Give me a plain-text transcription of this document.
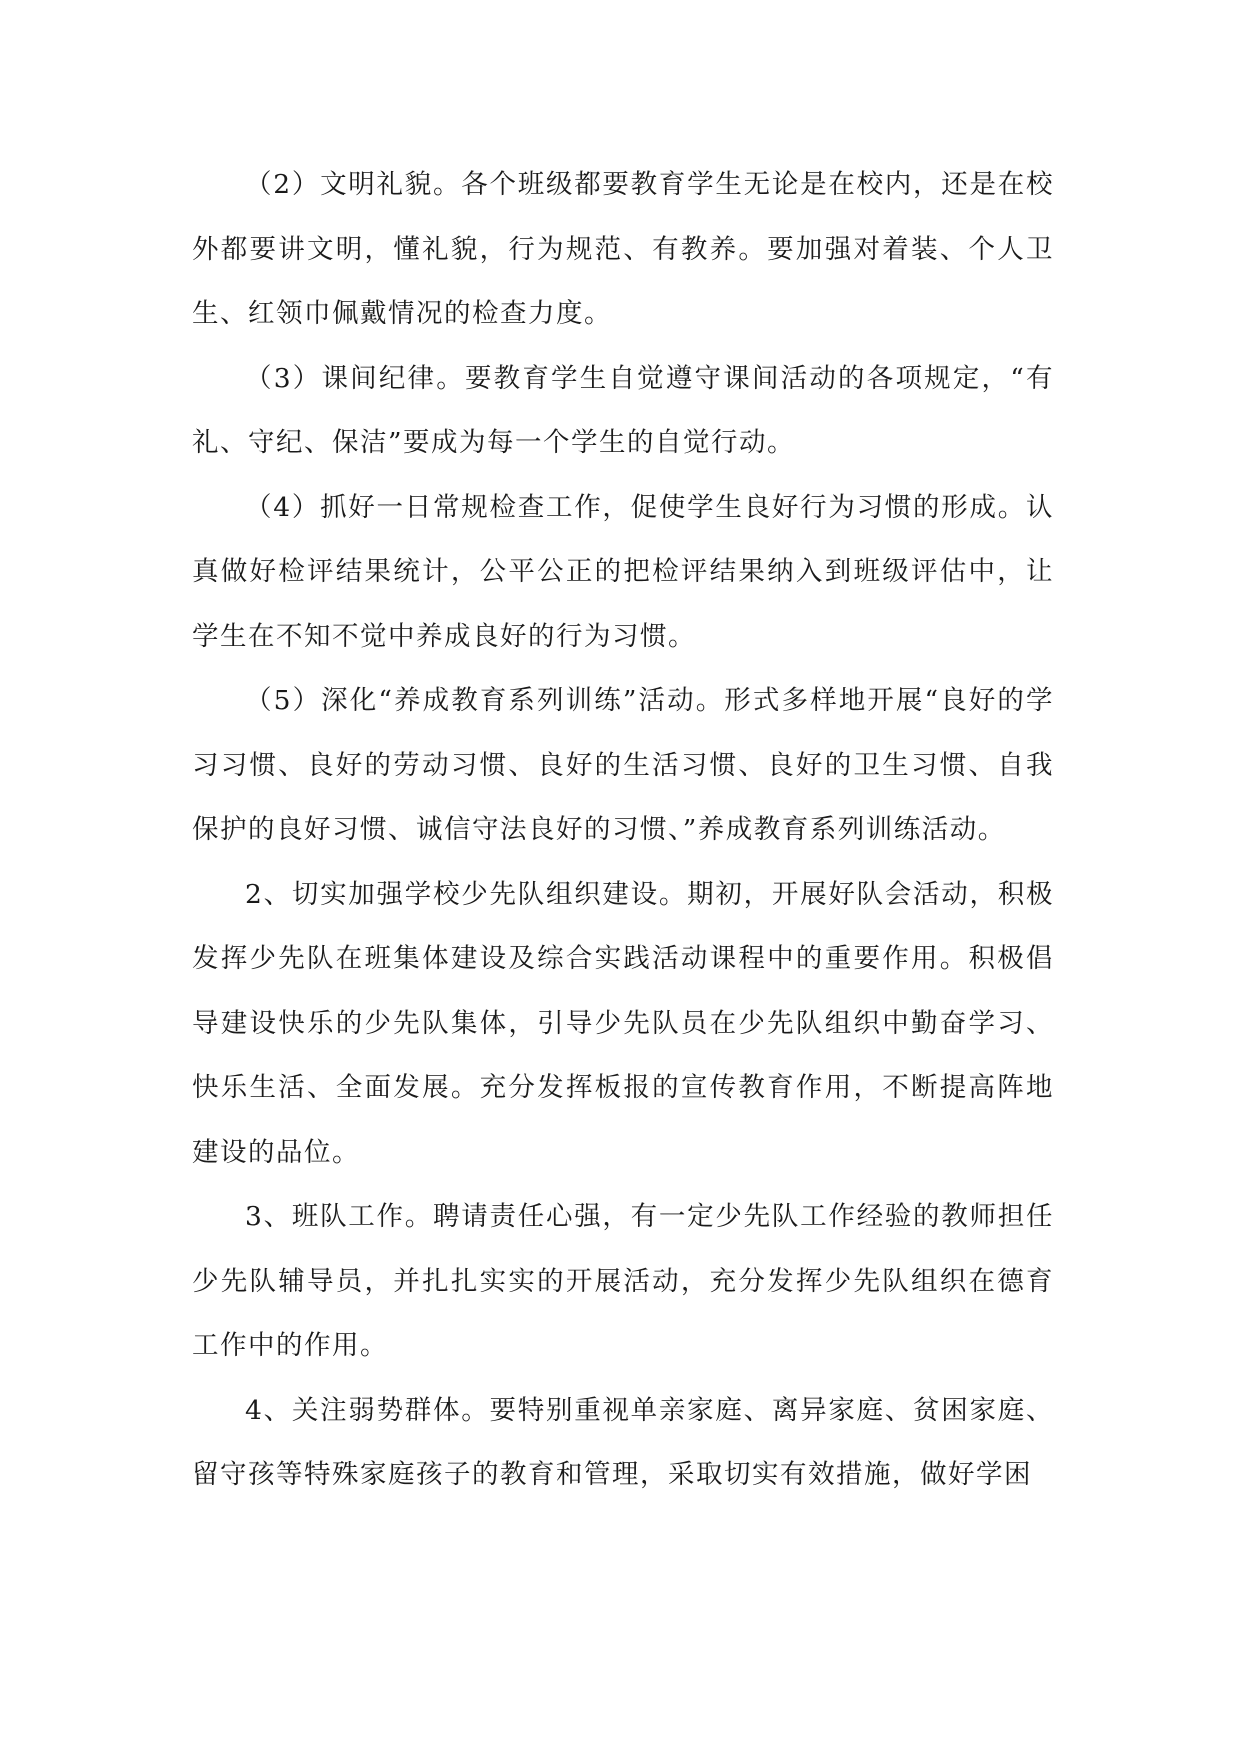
（2）文明礼貌。各个班级都要教育学生无论是在校内，还是在校外都要讲文明，懂礼貌，行为规范、有教养。要加强对着装、个人卫生、红领巾佩戴情况的检查力度。

（3）课间纪律。要教育学生自觉遵守课间活动的各项规定，“有礼、守纪、保洁”要成为每一个学生的自觉行动。

（4）抓好一日常规检查工作，促使学生良好行为习惯的形成。认真做好检评结果统计，公平公正的把检评结果纳入到班级评估中，让学生在不知不觉中养成良好的行为习惯。

（5）深化“养成教育系列训练”活动。形式多样地开展“良好的学习习惯、良好的劳动习惯、良好的生活习惯、良好的卫生习惯、自我保护的良好习惯、诚信守法良好的习惯、”养成教育系列训练活动。

2、切实加强学校少先队组织建设。期初，开展好队会活动，积极发挥少先队在班集体建设及综合实践活动课程中的重要作用。积极倡导建设快乐的少先队集体，引导少先队员在少先队组织中勤奋学习、快乐生活、全面发展。充分发挥板报的宣传教育作用，不断提高阵地建设的品位。

3、班队工作。聘请责任心强，有一定少先队工作经验的教师担任少先队辅导员，并扎扎实实的开展活动，充分发挥少先队组织在德育工作中的作用。

4、关注弱势群体。要特别重视单亲家庭、离异家庭、贫困家庭、留守孩等特殊家庭孩子的教育和管理，采取切实有效措施，做好学困
